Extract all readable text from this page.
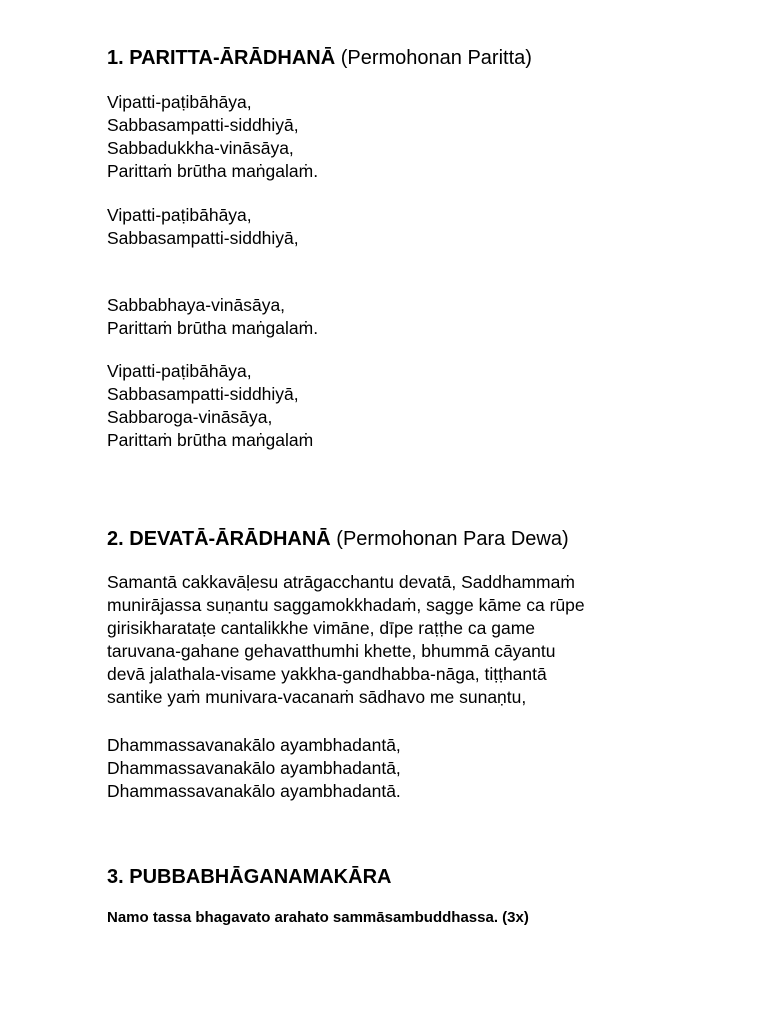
1. PARITTA-ĀRĀDHANĀ (Permohonan Paritta)

Vipatti-paṭibāhāya,
Sabbasampatti-siddhiyā,
Sabbadukkha-vināsāya,
Parittaṁ brūtha maṅgalaṁ.

Vipatti-paṭibāhāya,
Sabbasampatti-siddhiyā,

Sabbabhaya-vināsāya,
Parittaṁ brūtha maṅgalaṁ.

Vipatti-paṭibāhāya,
Sabbasampatti-siddhiyā,
Sabbaroga-vināsāya,
Parittaṁ brūtha maṅgalaṁ

2. DEVATĀ-ĀRĀDHANĀ (Permohonan Para Dewa)

Samantā cakkavāḷesu atrāgacchantu devatā, Saddhammaṁ
munirājassa suṇantu saggamokkhadaṁ, sagge kāme ca rūpe
girisikharataṭe cantalikkhe vimāne, dīpe raṭṭhe ca game
taruvana-gahane gehavatthumhi khette, bhummā cāyantu
devā jalathala-visame yakkha-gandhabba-nāga, tiṭṭhantā
santike yaṁ munivara-vacanaṁ sādhavo me sunaṇtu,

Dhammassavanakālo ayambhadantā,
Dhammassavanakālo ayambhadantā,
Dhammassavanakālo ayambhadantā.

3. PUBBABHĀGANAMAKĀRA

Namo tassa bhagavato arahato sammāsambuddhassa. (3x)
